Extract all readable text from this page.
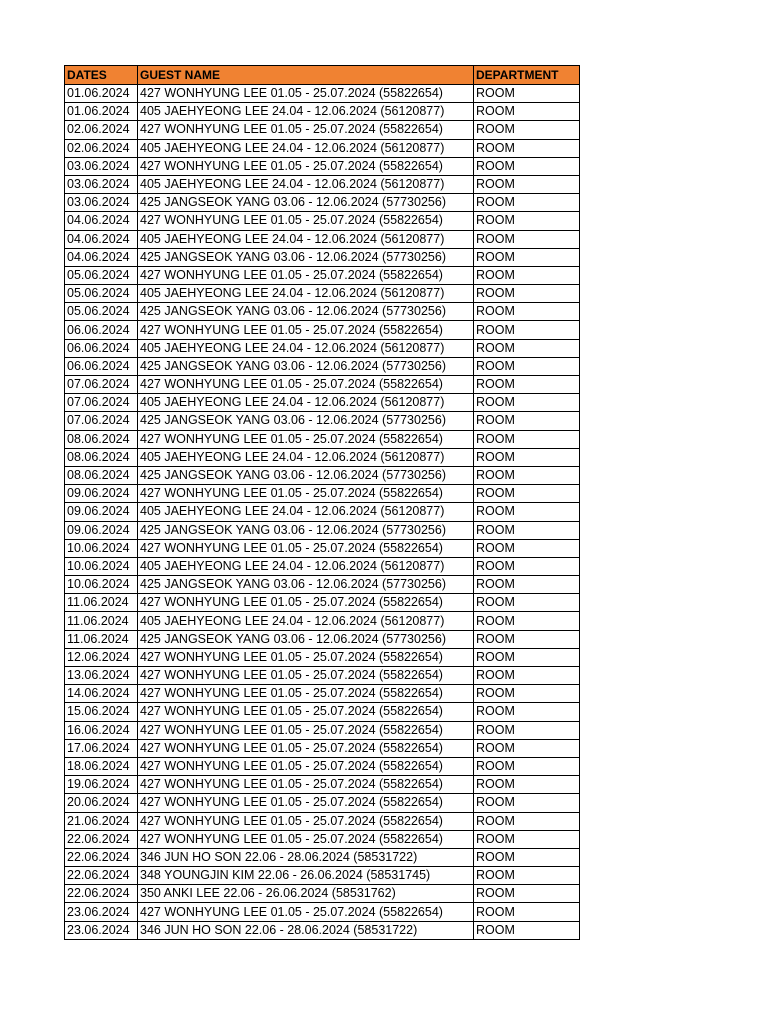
DATES	GUEST NAME	DEPARTMENT
01.06.2024	427 WONHYUNG LEE 01.05 - 25.07.2024 (55822654)	ROOM
01.06.2024	405 JAEHYEONG LEE 24.04 - 12.06.2024 (56120877)	ROOM
02.06.2024	427 WONHYUNG LEE 01.05 - 25.07.2024 (55822654)	ROOM
02.06.2024	405 JAEHYEONG LEE 24.04 - 12.06.2024 (56120877)	ROOM
03.06.2024	427 WONHYUNG LEE 01.05 - 25.07.2024 (55822654)	ROOM
03.06.2024	405 JAEHYEONG LEE 24.04 - 12.06.2024 (56120877)	ROOM
03.06.2024	425 JANGSEOK YANG 03.06 - 12.06.2024 (57730256)	ROOM
04.06.2024	427 WONHYUNG LEE 01.05 - 25.07.2024 (55822654)	ROOM
04.06.2024	405 JAEHYEONG LEE 24.04 - 12.06.2024 (56120877)	ROOM
04.06.2024	425 JANGSEOK YANG 03.06 - 12.06.2024 (57730256)	ROOM
05.06.2024	427 WONHYUNG LEE 01.05 - 25.07.2024 (55822654)	ROOM
05.06.2024	405 JAEHYEONG LEE 24.04 - 12.06.2024 (56120877)	ROOM
05.06.2024	425 JANGSEOK YANG 03.06 - 12.06.2024 (57730256)	ROOM
06.06.2024	427 WONHYUNG LEE 01.05 - 25.07.2024 (55822654)	ROOM
06.06.2024	405 JAEHYEONG LEE 24.04 - 12.06.2024 (56120877)	ROOM
06.06.2024	425 JANGSEOK YANG 03.06 - 12.06.2024 (57730256)	ROOM
07.06.2024	427 WONHYUNG LEE 01.05 - 25.07.2024 (55822654)	ROOM
07.06.2024	405 JAEHYEONG LEE 24.04 - 12.06.2024 (56120877)	ROOM
07.06.2024	425 JANGSEOK YANG 03.06 - 12.06.2024 (57730256)	ROOM
08.06.2024	427 WONHYUNG LEE 01.05 - 25.07.2024 (55822654)	ROOM
08.06.2024	405 JAEHYEONG LEE 24.04 - 12.06.2024 (56120877)	ROOM
08.06.2024	425 JANGSEOK YANG 03.06 - 12.06.2024 (57730256)	ROOM
09.06.2024	427 WONHYUNG LEE 01.05 - 25.07.2024 (55822654)	ROOM
09.06.2024	405 JAEHYEONG LEE 24.04 - 12.06.2024 (56120877)	ROOM
09.06.2024	425 JANGSEOK YANG 03.06 - 12.06.2024 (57730256)	ROOM
10.06.2024	427 WONHYUNG LEE 01.05 - 25.07.2024 (55822654)	ROOM
10.06.2024	405 JAEHYEONG LEE 24.04 - 12.06.2024 (56120877)	ROOM
10.06.2024	425 JANGSEOK YANG 03.06 - 12.06.2024 (57730256)	ROOM
11.06.2024	427 WONHYUNG LEE 01.05 - 25.07.2024 (55822654)	ROOM
11.06.2024	405 JAEHYEONG LEE 24.04 - 12.06.2024 (56120877)	ROOM
11.06.2024	425 JANGSEOK YANG 03.06 - 12.06.2024 (57730256)	ROOM
12.06.2024	427 WONHYUNG LEE 01.05 - 25.07.2024 (55822654)	ROOM
13.06.2024	427 WONHYUNG LEE 01.05 - 25.07.2024 (55822654)	ROOM
14.06.2024	427 WONHYUNG LEE 01.05 - 25.07.2024 (55822654)	ROOM
15.06.2024	427 WONHYUNG LEE 01.05 - 25.07.2024 (55822654)	ROOM
16.06.2024	427 WONHYUNG LEE 01.05 - 25.07.2024 (55822654)	ROOM
17.06.2024	427 WONHYUNG LEE 01.05 - 25.07.2024 (55822654)	ROOM
18.06.2024	427 WONHYUNG LEE 01.05 - 25.07.2024 (55822654)	ROOM
19.06.2024	427 WONHYUNG LEE 01.05 - 25.07.2024 (55822654)	ROOM
20.06.2024	427 WONHYUNG LEE 01.05 - 25.07.2024 (55822654)	ROOM
21.06.2024	427 WONHYUNG LEE 01.05 - 25.07.2024 (55822654)	ROOM
22.06.2024	427 WONHYUNG LEE 01.05 - 25.07.2024 (55822654)	ROOM
22.06.2024	346 JUN HO SON 22.06 - 28.06.2024 (58531722)	ROOM
22.06.2024	348 YOUNGJIN KIM 22.06 - 26.06.2024 (58531745)	ROOM
22.06.2024	350 ANKI LEE 22.06 - 26.06.2024 (58531762)	ROOM
23.06.2024	427 WONHYUNG LEE 01.05 - 25.07.2024 (55822654)	ROOM
23.06.2024	346 JUN HO SON 22.06 - 28.06.2024 (58531722)	ROOM
